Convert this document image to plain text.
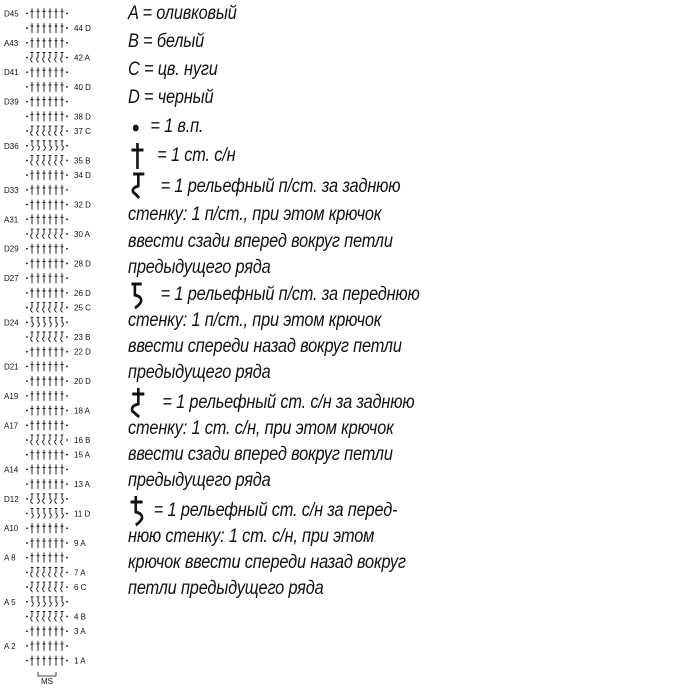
D45
44 D
A43
42 A
D41
40 D
D39
38 D
37 C
D36
35 B
34 D
D33
32 D
A31
30 A
D29
28 D
D27
26 D
25 C
D24
23 B
22 D
D21
20 D
A19
18 A
A17
16 B
15 A
A14
13 A
D12
11 D
A10
9 A
A 8
7 A
6 C
A 5
4 B
3 A
A 2
1 A
MS
A = оливковый
B = белый
C = цв. нуги
D = черный
= 1 в.п.
= 1 ст. с/н
= 1 рельефный п/ст. за заднюю
стенку: 1 п/ст., при этом крючок
ввести сзади вперед вокруг петли
предыдущего ряда
= 1 рельефный п/ст. за переднюю
стенку: 1 п/ст., при этом крючок
ввести спереди назад вокруг петли
предыдущего ряда
= 1 рельефный ст. с/н за заднюю
стенку: 1 ст. с/н, при этом крючок
ввести сзади вперед вокруг петли
предыдущего ряда
= 1 рельефный ст. с/н за перед-
нюю стенку: 1 ст. с/н, при этом
крючок ввести спереди назад вокруг
петли предыдущего ряда
